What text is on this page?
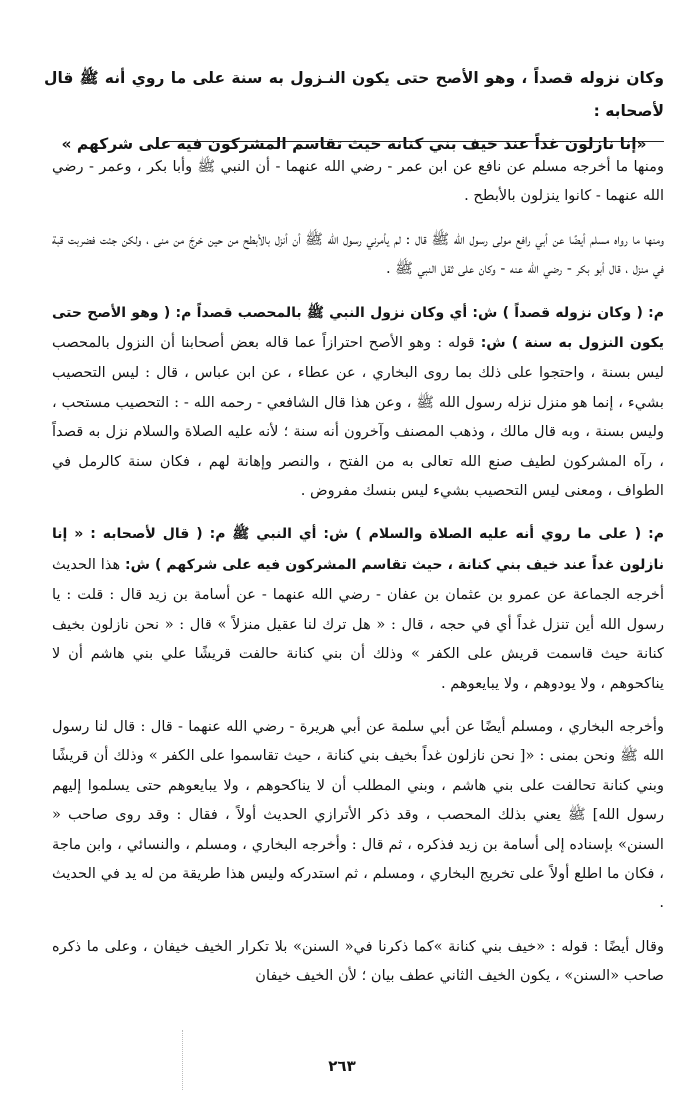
وكان نزوله قصداً ، وهو الأصح حتى يكون النـزول به سنة على ما روي أنه ﷺ قال لأصحابه :

«إنا نازلون غداً عند خيف بني كنانة حيث تقاسم المشركون فيه على شركهم »

ومنها ما أخرجه مسلم عن نافع عن ابن عمر - رضي الله عنهما - أن النبي ﷺ وأبا بكر ، وعمر - رضي الله عنهما - كانوا ينزلون بالأبطح .

ومنها ما رواه مسلم أيضًا عن أبي رافع مولى رسول الله ﷺ قال : لم يأمرني رسول الله ﷺ أن أنزل بالأبطح من حين خرجَ من منى ، ولكن جئت فضربت قبة في منزل ، قال أبو بكر - رضي الله عنه - وكان على ثقل النبي ﷺ .

م: ( وكان نزوله قصداً ) ش: أي وكان نزول النبي ﷺ بالمحصب قصداً م: ( وهو الأصح حتى يكون النزول به سنة ) ش: قوله : وهو الأصح احترازاً عما قاله بعض أصحابنا أن النزول بالمحصب ليس بسنة ، واحتجوا على ذلك بما روى البخاري ، عن عطاء ، عن ابن عباس ، قال : ليس التحصيب بشيء ، إنما هو منزل نزله رسول الله ﷺ ، وعن هذا قال الشافعي - رحمه الله - : التحصيب مستحب ، وليس بسنة ، وبه قال مالك ، وذهب المصنف وآخرون أنه سنة ؛ لأنه عليه الصلاة والسلام نزل به قصداً ، رآه المشركون لطيف صنع الله تعالى به من الفتح ، والنصر وإهانة لهم ، فكان سنة كالرمل في الطواف ، ومعنى ليس التحصيب بشيء ليس بنسك مفروض .

م: ( على ما روي أنه عليه الصلاة والسلام ) ش: أي النبي ﷺ م: ( قال لأصحابه : « إنا نازلون غداً عند خيف بني كنانة ، حيث تقاسم المشركون فيه على شركهم ) ش: هذا الحديث أخرجه الجماعة عن عمرو بن عثمان بن عفان - رضي الله عنهما - عن أسامة بن زيد قال : قلت : يا رسول الله أين تنزل غداً أي في حجه ، قال : « هل ترك لنا عقيل منزلاً » قال : « نحن نازلون بخيف كنانة حيث قاسمت قريش على الكفر » وذلك أن بني كنانة حالفت قريشًا علي بني هاشم أن لا يناكحوهم ، ولا يودوهم ، ولا يبايعوهم .

وأخرجه البخاري ، ومسلم أيضًا عن أبي سلمة عن أبي هريرة - رضي الله عنهما - قال : قال لنا رسول الله ﷺ ونحن بمنى : «[ نحن نازلون غداً بخيف بني كنانة ، حيث تقاسموا على الكفر » وذلك أن قريشًا وبني كنانة تحالفت على بني هاشم ، وبني المطلب أن لا يناكحوهم ، ولا يبايعوهم حتى يسلموا إليهم رسول الله] ﷺ يعني بذلك المحصب ، وقد ذكر الأترازي الحديث أولاً ، فقال : وقد روى صاحب « السنن» بإسناده إلى أسامة بن زيد فذكره ، ثم قال : وأخرجه البخاري ، ومسلم ، والنسائي ، وابن ماجة ، فكان ما اطلع أولاً على تخريج البخاري ، ومسلم ، ثم استدركه وليس هذا طريقة من له يد في الحديث .

وقال أيضًا : قوله : «خيف بني كنانة »كما ذكرنا في« السنن» بلا تكرار الخيف خيفان ، وعلى ما ذكره صاحب «السنن» ، يكون الخيف الثاني عطف بيان ؛ لأن الخيف خيفان

٢٦٣
